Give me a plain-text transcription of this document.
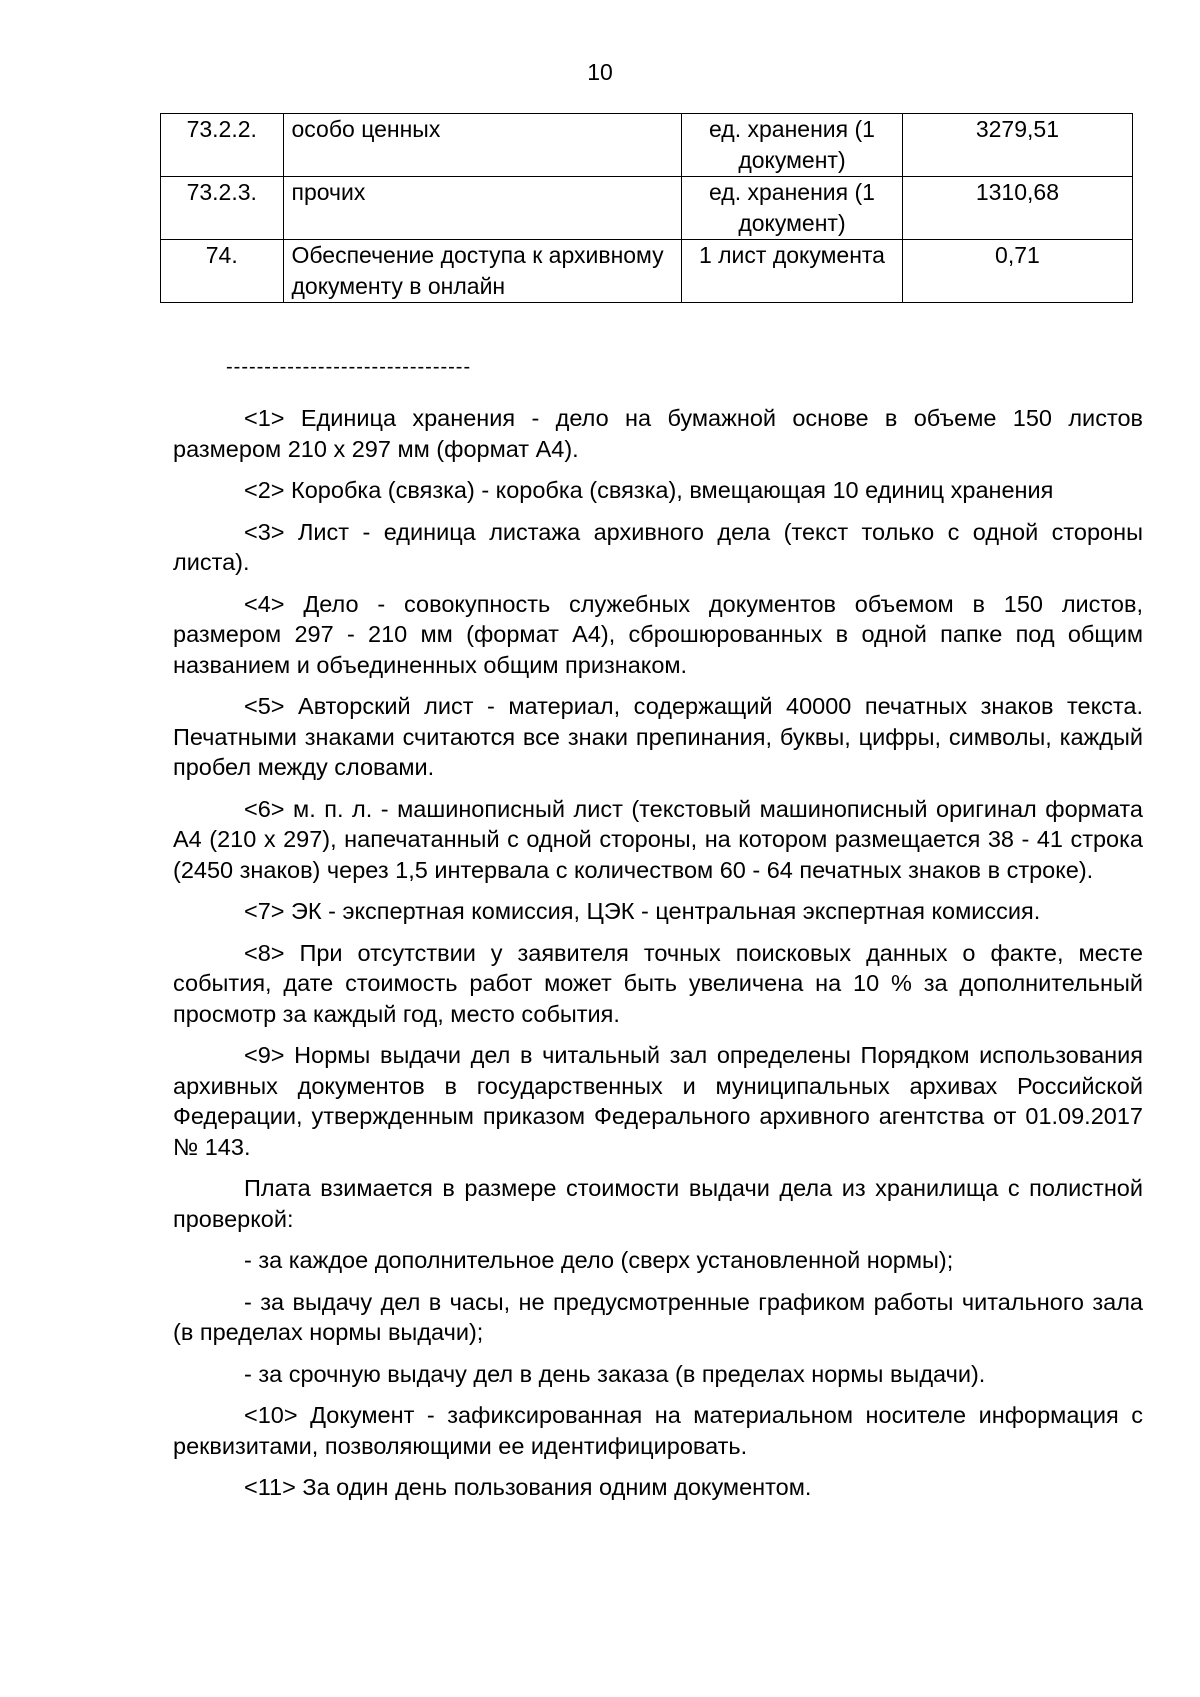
10
73.2.2.	особо ценных	ед. хранения (1 документ)	3279,51
73.2.3.	прочих	ед. хранения (1 документ)	1310,68
74.	Обеспечение доступа к архивному документу в онлайн	1 лист документа	0,71
--------------------------------

<1> Единица хранения - дело на бумажной основе в объеме 150 листов размером 210 x 297 мм (формат А4).

<2> Коробка (связка) - коробка (связка), вмещающая 10 единиц хранения

<3> Лист - единица листажа архивного дела (текст только с одной стороны листа).

<4> Дело - совокупность служебных документов объемом в 150 листов, размером 297 - 210 мм (формат А4), сброшюрованных в одной папке под общим названием и объединенных общим признаком.

<5> Авторский лист - материал, содержащий 40000 печатных знаков текста. Печатными знаками считаются все знаки препинания, буквы, цифры, символы, каждый пробел между словами.

<6> м. п. л. - машинописный лист (текстовый машинописный оригинал формата А4 (210 x 297), напечатанный с одной стороны, на котором размещается 38 - 41 строка (2450 знаков) через 1,5 интервала с количеством 60 - 64 печатных знаков в строке).

<7> ЭК - экспертная комиссия, ЦЭК - центральная экспертная комиссия.

<8> При отсутствии у заявителя точных поисковых данных о факте, месте события, дате стоимость работ может быть увеличена на 10 % за дополнительный просмотр за каждый год, место события.

<9> Нормы выдачи дел в читальный зал определены Порядком использования архивных документов в государственных и муниципальных архивах Российской Федерации, утвержденным приказом Федерального архивного агентства от 01.09.2017 № 143.

Плата взимается в размере стоимости выдачи дела из хранилища с полистной проверкой:

- за каждое дополнительное дело (сверх установленной нормы);

- за выдачу дел в часы, не предусмотренные графиком работы читального зала (в пределах нормы выдачи);

- за срочную выдачу дел в день заказа (в пределах нормы выдачи).

<10> Документ - зафиксированная на материальном носителе информация с реквизитами, позволяющими ее идентифицировать.

<11> За один день пользования одним документом.
